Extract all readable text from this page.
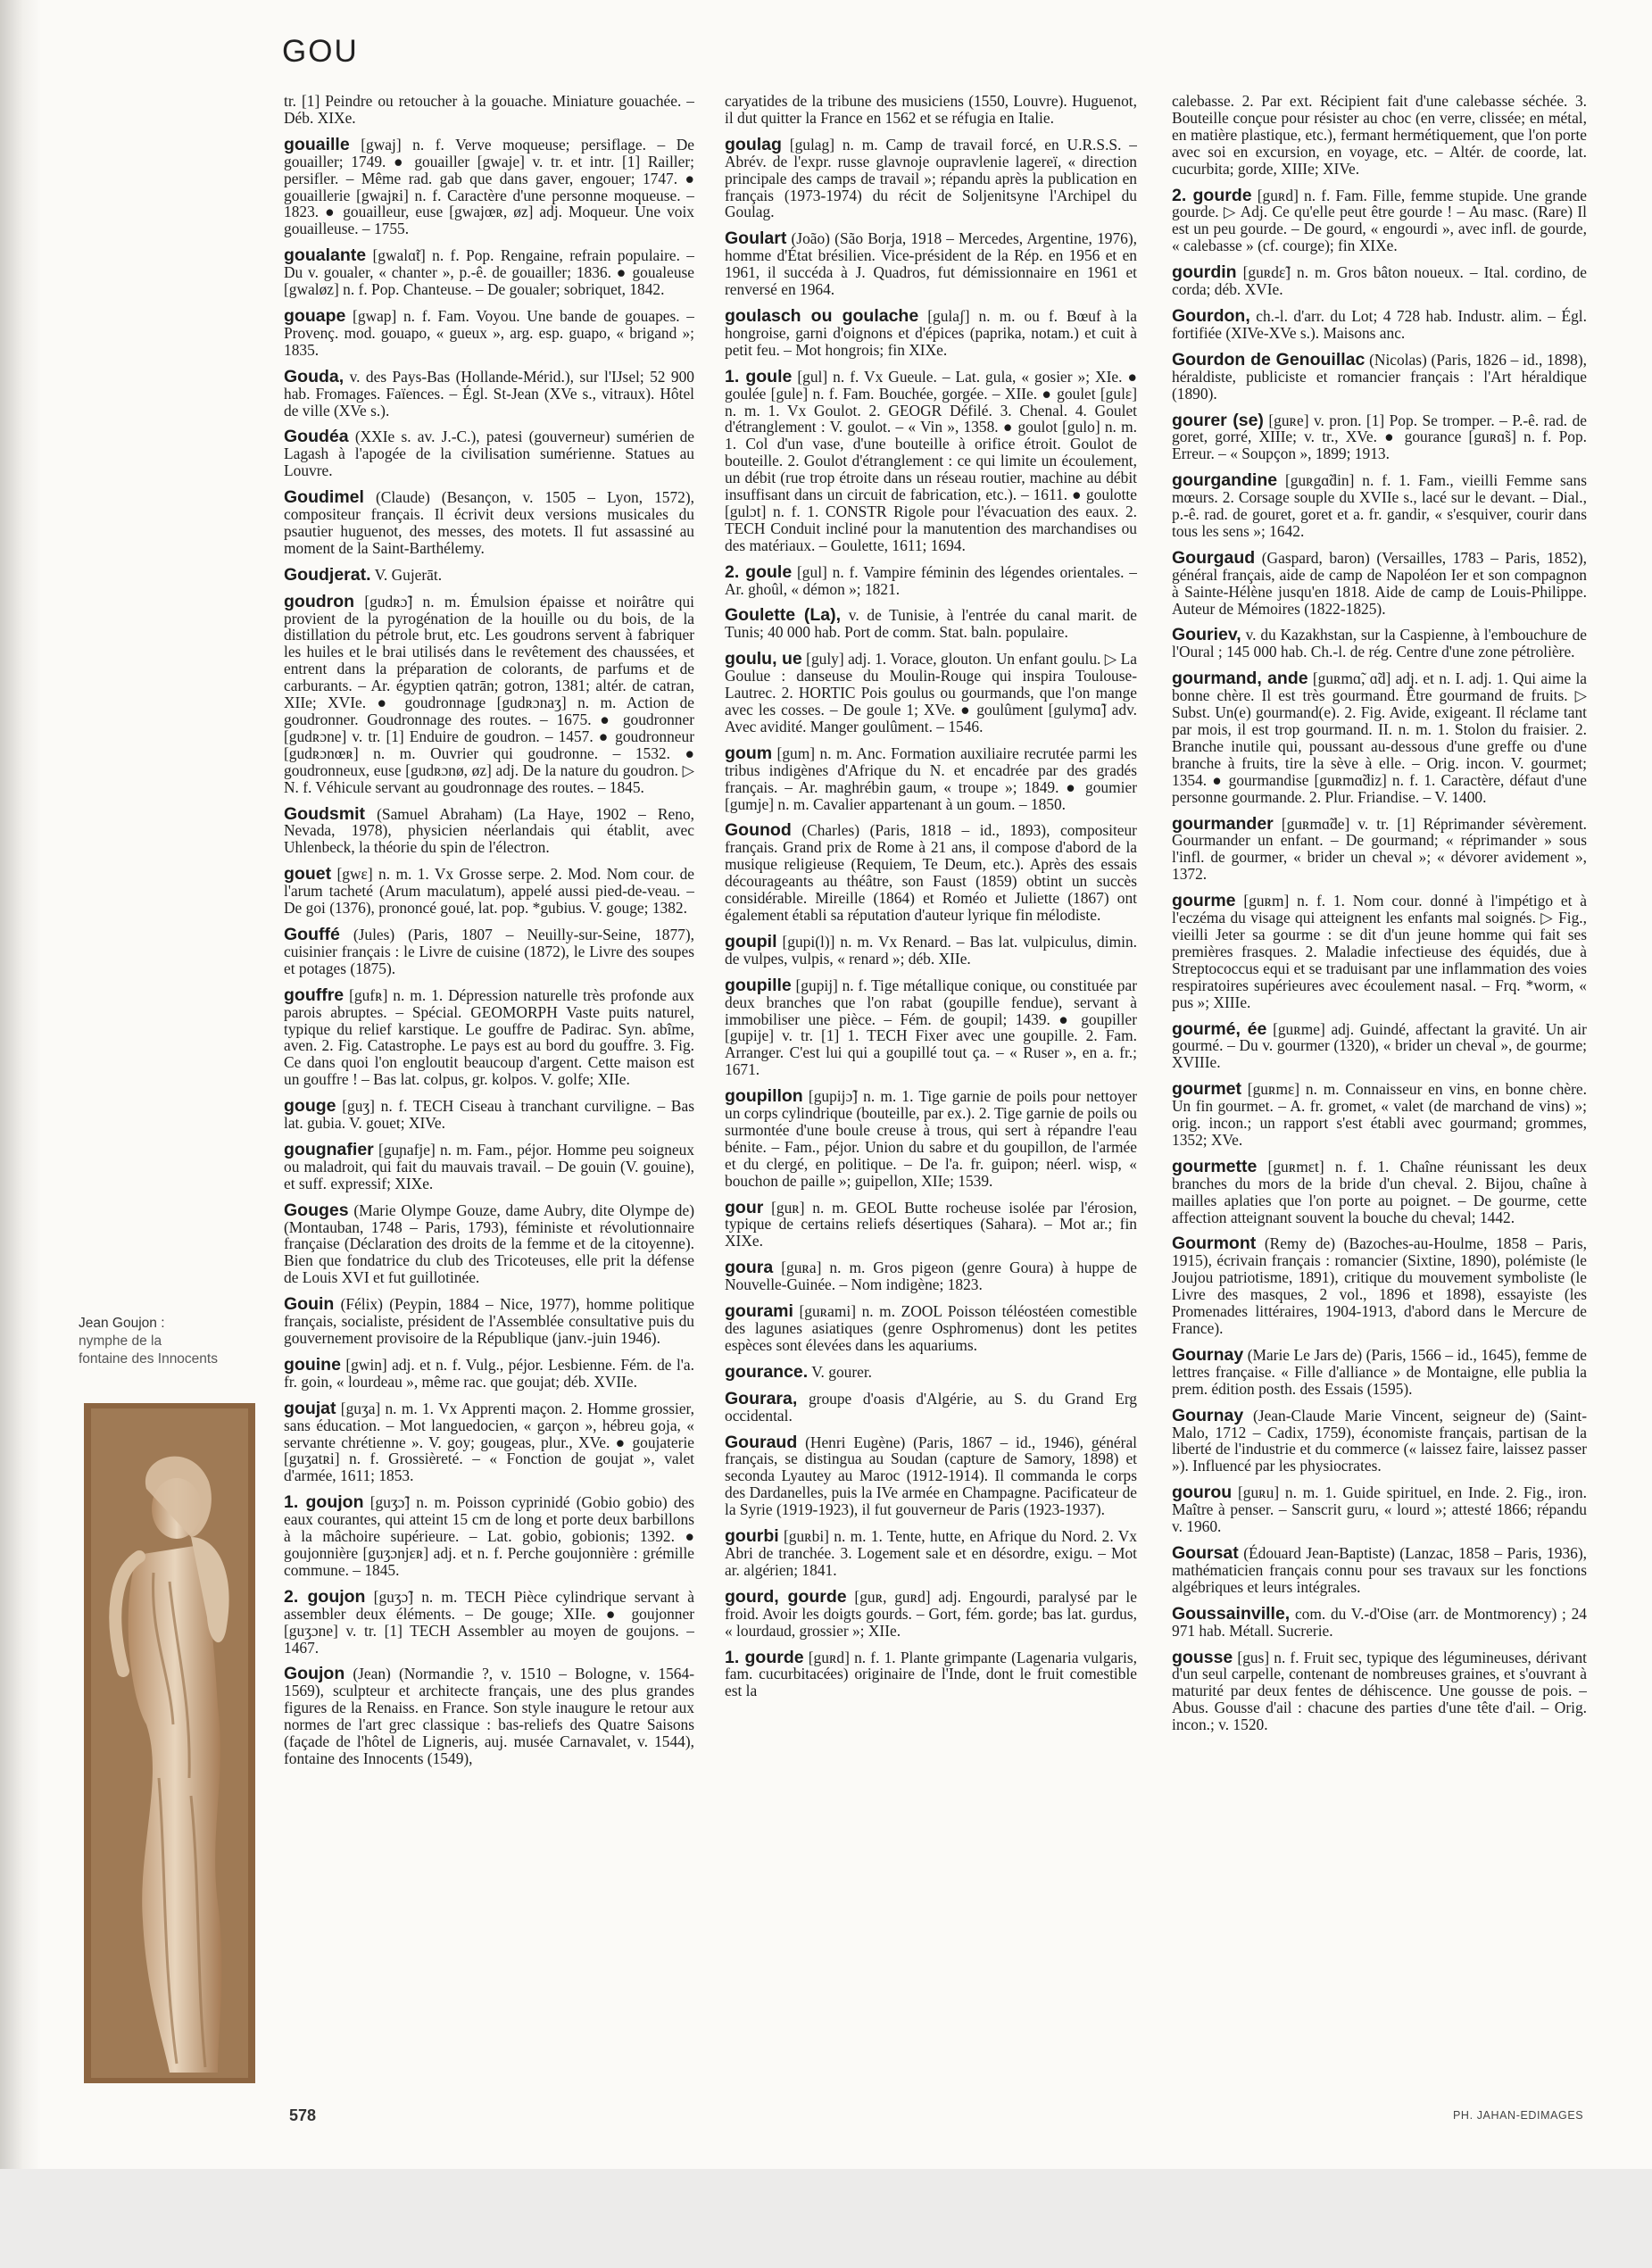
GOU
tr. [1] Peindre ou retoucher à la gouache. Miniature gouachée. – Déb. XIXe.
gouaille [gwaj] n. f. Verve moqueuse; persiflage. – De gouailler; 1749. ● gouailler [gwaje] v. tr. et intr. [1] Railler; persifler. – Même rad. gab que dans gaver, engouer; 1747. ● gouaillerie [gwajʀi] n. f. Caractère d'une personne moqueuse. – 1823. ● gouailleur, euse [gwajœʀ, øz] adj. Moqueur. Une voix gouailleuse. – 1755.
goualante [gwalɑ̃t] n. f. Pop. Rengaine, refrain populaire. – Du v. goualer, « chanter », p.-ê. de gouailler; 1836. ● goualeuse [gwaløz] n. f. Pop. Chanteuse. – De goualer; sobriquet, 1842.
gouape [gwap] n. f. Fam. Voyou. Une bande de gouapes. – Provenç. mod. gouapo, « gueux », arg. esp. guapo, « brigand »; 1835.
Gouda, v. des Pays-Bas (Hollande-Mérid.), sur l'IJsel; 52 900 hab. Fromages. Faïences. – Égl. St-Jean (XVe s., vitraux). Hôtel de ville (XVe s.).
Goudéa (XXIe s. av. J.-C.), patesi (gouverneur) sumérien de Lagash à l'apogée de la civilisation sumérienne. Statues au Louvre.
Goudimel (Claude) (Besançon, v. 1505 – Lyon, 1572), compositeur français. Il écrivit deux versions musicales du psautier huguenot, des messes, des motets. Il fut assassiné au moment de la Saint-Barthélemy.
Goudjerat. V. Gujerāt.
goudron [gudʀɔ̃] n. m. Émulsion épaisse et noirâtre qui provient de la pyrogénation de la houille ou du bois, de la distillation du pétrole brut, etc. Les goudrons servent à fabriquer les huiles et le brai utilisés dans le revêtement des chaussées, et entrent dans la préparation de colorants, de parfums et de carburants. – Ar. égyptien qatrān; gotron, 1381; altér. de catran, XIIe; XVIe. ● goudronnage [gudʀɔnaʒ] n. m. Action de goudronner. Goudronnage des routes. – 1675. ● goudronner [gudʀɔne] v. tr. [1] Enduire de goudron. – 1457. ● goudronneur [gudʀɔnœʀ] n. m. Ouvrier qui goudronne. – 1532. ● goudronneux, euse [gudʀɔnø, øz] adj. De la nature du goudron. ▷ N. f. Véhicule servant au goudronnage des routes. – 1845.
Goudsmit (Samuel Abraham) (La Haye, 1902 – Reno, Nevada, 1978), physicien néerlandais qui établit, avec Uhlenbeck, la théorie du spin de l'électron.
gouet [gwɛ] n. m. 1. Vx Grosse serpe. 2. Mod. Nom cour. de l'arum tacheté (Arum maculatum), appelé aussi pied-de-veau. – De goi (1376), prononcé goué, lat. pop. *gubius. V. gouge; 1382.
Gouffé (Jules) (Paris, 1807 – Neuilly-sur-Seine, 1877), cuisinier français : le Livre de cuisine (1872), le Livre des soupes et potages (1875).
gouffre [gufʀ] n. m. 1. Dépression naturelle très profonde aux parois abruptes. – Spécial. GEOMORPH Vaste puits naturel, typique du relief karstique. Le gouffre de Padirac. Syn. abîme, aven. 2. Fig. Catastrophe. Le pays est au bord du gouffre. 3. Fig. Ce dans quoi l'on engloutit beaucoup d'argent. Cette maison est un gouffre ! – Bas lat. colpus, gr. kolpos. V. golfe; XIIe.
gouge [guʒ] n. f. TECH Ciseau à tranchant curviligne. – Bas lat. gubia. V. gouet; XIVe.
gougnafier [guɲafje] n. m. Fam., péjor. Homme peu soigneux ou maladroit, qui fait du mauvais travail. – De gouin (V. gouine), et suff. expressif; XIXe.
Gouges (Marie Olympe Gouze, dame Aubry, dite Olympe de) (Montauban, 1748 – Paris, 1793), féministe et révolutionnaire française (Déclaration des droits de la femme et de la citoyenne). Bien que fondatrice du club des Tricoteuses, elle prit la défense de Louis XVI et fut guillotinée.
Gouin (Félix) (Peypin, 1884 – Nice, 1977), homme politique français, socialiste, président de l'Assemblée consultative puis du gouvernement provisoire de la République (janv.-juin 1946).
gouine [gwin] adj. et n. f. Vulg., péjor. Lesbienne. Fém. de l'a. fr. goin, « lourdeau », même rac. que goujat; déb. XVIIe.
goujat [guʒa] n. m. 1. Vx Apprenti maçon. 2. Homme grossier, sans éducation. – Mot languedocien, « garçon », hébreu goja, « servante chrétienne ». V. goy; gougeas, plur., XVe. ● goujaterie [guʒatʀi] n. f. Grossièreté. – « Fonction de goujat », valet d'armée, 1611; 1853.
1. goujon [guʒɔ̃] n. m. Poisson cyprinidé (Gobio gobio) des eaux courantes, qui atteint 15 cm de long et porte deux barbillons à la mâchoire supérieure. – Lat. gobio, gobionis; 1392. ● goujonnière [guʒɔnjɛʀ] adj. et n. f. Perche goujonnière : grémille commune. – 1845.
2. goujon [guʒɔ̃] n. m. TECH Pièce cylindrique servant à assembler deux éléments. – De gouge; XIIe. ● goujonner [guʒɔne] v. tr. [1] TECH Assembler au moyen de goujons. – 1467.
Goujon (Jean) (Normandie ?, v. 1510 – Bologne, v. 1564-1569), sculpteur et architecte français, une des plus grandes figures de la Renaiss. en France. Son style inaugure le retour aux normes de l'art grec classique : bas-reliefs des Quatre Saisons (façade de l'hôtel de Ligneris, auj. musée Carnavalet, v. 1544), fontaine des Innocents (1549),
caryatides de la tribune des musiciens (1550, Louvre). Huguenot, il dut quitter la France en 1562 et se réfugia en Italie.
goulag [gulag] n. m. Camp de travail forcé, en U.R.S.S. – Abrév. de l'expr. russe glavnoje oupravlenie lagereï, « direction principale des camps de travail »; répandu après la publication en français (1973-1974) du récit de Soljenitsyne l'Archipel du Goulag.
Goulart (João) (São Borja, 1918 – Mercedes, Argentine, 1976), homme d'État brésilien. Vice-président de la Rép. en 1956 et en 1961, il succéda à J. Quadros, fut démissionnaire en 1961 et renversé en 1964.
goulasch ou goulache [gulaʃ] n. m. ou f. Bœuf à la hongroise, garni d'oignons et d'épices (paprika, notam.) et cuit à petit feu. – Mot hongrois; fin XIXe.
1. goule [gul] n. f. Vx Gueule. – Lat. gula, « gosier »; XIe. ● goulée [gule] n. f. Fam. Bouchée, gorgée. – XIIe. ● goulet [gulɛ] n. m. 1. Vx Goulot. 2. GEOGR Défilé. 3. Chenal. 4. Goulet d'étranglement : V. goulot. – « Vin », 1358. ● goulot [gulo] n. m. 1. Col d'un vase, d'une bouteille à orifice étroit. Goulot de bouteille. 2. Goulot d'étranglement : ce qui limite un écoulement, un débit (rue trop étroite dans un réseau routier, machine au débit insuffisant dans un circuit de fabrication, etc.). – 1611. ● goulotte [gulɔt] n. f. 1. CONSTR Rigole pour l'évacuation des eaux. 2. TECH Conduit incliné pour la manutention des marchandises ou des matériaux. – Goulette, 1611; 1694.
2. goule [gul] n. f. Vampire féminin des légendes orientales. – Ar. ghoûl, « démon »; 1821.
Goulette (La), v. de Tunisie, à l'entrée du canal marit. de Tunis; 40 000 hab. Port de comm. Stat. baln. populaire.
goulu, ue [guly] adj. 1. Vorace, glouton. Un enfant goulu. ▷ La Goulue : danseuse du Moulin-Rouge qui inspira Toulouse-Lautrec. 2. HORTIC Pois goulus ou gourmands, que l'on mange avec les cosses. – De goule 1; XVe. ● goulûment [gulymɑ̃] adv. Avec avidité. Manger goulûment. – 1546.
goum [gum] n. m. Anc. Formation auxiliaire recrutée parmi les tribus indigènes d'Afrique du N. et encadrée par des gradés français. – Ar. maghrébin gaum, « troupe »; 1849. ● goumier [gumje] n. m. Cavalier appartenant à un goum. – 1850.
Gounod (Charles) (Paris, 1818 – id., 1893), compositeur français. Grand prix de Rome à 21 ans, il compose d'abord de la musique religieuse (Requiem, Te Deum, etc.). Après des essais décourageants au théâtre, son Faust (1859) obtint un succès considérable. Mireille (1864) et Roméo et Juliette (1867) ont également établi sa réputation d'auteur lyrique fin mélodiste.
goupil [gupi(l)] n. m. Vx Renard. – Bas lat. vulpiculus, dimin. de vulpes, vulpis, « renard »; déb. XIIe.
goupille [gupij] n. f. Tige métallique conique, ou constituée par deux branches que l'on rabat (goupille fendue), servant à immobiliser une pièce. – Fém. de goupil; 1439. ● goupiller [gupije] v. tr. [1] 1. TECH Fixer avec une goupille. 2. Fam. Arranger. C'est lui qui a goupillé tout ça. – « Ruser », en a. fr.; 1671.
goupillon [gupijɔ̃] n. m. 1. Tige garnie de poils pour nettoyer un corps cylindrique (bouteille, par ex.). 2. Tige garnie de poils ou surmontée d'une boule creuse à trous, qui sert à répandre l'eau bénite. – Fam., péjor. Union du sabre et du goupillon, de l'armée et du clergé, en politique. – De l'a. fr. guipon; néerl. wisp, « bouchon de paille »; guipellon, XIIe; 1539.
gour [guʀ] n. m. GEOL Butte rocheuse isolée par l'érosion, typique de certains reliefs désertiques (Sahara). – Mot ar.; fin XIXe.
goura [guʀa] n. m. Gros pigeon (genre Goura) à huppe de Nouvelle-Guinée. – Nom indigène; 1823.
gourami [guʀami] n. m. ZOOL Poisson téléostéen comestible des lagunes asiatiques (genre Osphromenus) dont les petites espèces sont élevées dans les aquariums.
gourance. V. gourer.
Gourara, groupe d'oasis d'Algérie, au S. du Grand Erg occidental.
Gouraud (Henri Eugène) (Paris, 1867 – id., 1946), général français, se distingua au Soudan (capture de Samory, 1898) et seconda Lyautey au Maroc (1912-1914). Il commanda le corps des Dardanelles, puis la IVe armée en Champagne. Pacificateur de la Syrie (1919-1923), il fut gouverneur de Paris (1923-1937).
gourbi [guʀbi] n. m. 1. Tente, hutte, en Afrique du Nord. 2. Vx Abri de tranchée. 3. Logement sale et en désordre, exigu. – Mot ar. algérien; 1841.
gourd, gourde [guʀ, guʀd] adj. Engourdi, paralysé par le froid. Avoir les doigts gourds. – Gort, fém. gorde; bas lat. gurdus, « lourdaud, grossier »; XIIe.
1. gourde [guʀd] n. f. 1. Plante grimpante (Lagenaria vulgaris, fam. cucurbitacées) originaire de l'Inde, dont le fruit comestible est la
calebasse. 2. Par ext. Récipient fait d'une calebasse séchée. 3. Bouteille conçue pour résister au choc (en verre, clissée; en métal, en matière plastique, etc.), fermant hermétiquement, que l'on porte avec soi en excursion, en voyage, etc. – Altér. de coorde, lat. cucurbita; gorde, XIIIe; XIVe.
2. gourde [guʀd] n. f. Fam. Fille, femme stupide. Une grande gourde. ▷ Adj. Ce qu'elle peut être gourde ! – Au masc. (Rare) Il est un peu gourde. – De gourd, « engourdi », avec infl. de gourde, « calebasse » (cf. courge); fin XIXe.
gourdin [guʀdɛ̃] n. m. Gros bâton noueux. – Ital. cordino, de corda; déb. XVIe.
Gourdon, ch.-l. d'arr. du Lot; 4 728 hab. Industr. alim. – Égl. fortifiée (XIVe-XVe s.). Maisons anc.
Gourdon de Genouillac (Nicolas) (Paris, 1826 – id., 1898), héraldiste, publiciste et romancier français : l'Art héraldique (1890).
gourer (se) [guʀe] v. pron. [1] Pop. Se tromper. – P.-ê. rad. de goret, gorré, XIIIe; v. tr., XVe. ● gourance [guʀɑ̃s] n. f. Pop. Erreur. – « Soupçon », 1899; 1913.
gourgandine [guʀgɑ̃din] n. f. 1. Fam., vieilli Femme sans mœurs. 2. Corsage souple du XVIIe s., lacé sur le devant. – Dial., p.-ê. rad. de gouret, goret et a. fr. gandir, « s'esquiver, courir dans tous les sens »; 1642.
Gourgaud (Gaspard, baron) (Versailles, 1783 – Paris, 1852), général français, aide de camp de Napoléon Ier et son compagnon à Sainte-Hélène jusqu'en 1818. Aide de camp de Louis-Philippe. Auteur de Mémoires (1822-1825).
Gouriev, v. du Kazakhstan, sur la Caspienne, à l'embouchure de l'Oural ; 145 000 hab. Ch.-l. de rég. Centre d'une zone pétrolière.
gourmand, ande [guʀmɑ̃, ɑ̃d] adj. et n. I. adj. 1. Qui aime la bonne chère. Il est très gourmand. Être gourmand de fruits. ▷ Subst. Un(e) gourmand(e). 2. Fig. Avide, exigeant. Il réclame tant par mois, il est trop gourmand. II. n. m. 1. Stolon du fraisier. 2. Branche inutile qui, poussant au-dessous d'une greffe ou d'une branche à fruits, tire la sève à elle. – Orig. incon. V. gourmet; 1354. ● gourmandise [guʀmɑ̃diz] n. f. 1. Caractère, défaut d'une personne gourmande. 2. Plur. Friandise. – V. 1400.
gourmander [guʀmɑ̃de] v. tr. [1] Réprimander sévèrement. Gourmander un enfant. – De gourmand; « réprimander » sous l'infl. de gourmer, « brider un cheval »; « dévorer avidement », 1372.
gourme [guʀm] n. f. 1. Nom cour. donné à l'impétigo et à l'eczéma du visage qui atteignent les enfants mal soignés. ▷ Fig., vieilli Jeter sa gourme : se dit d'un jeune homme qui fait ses premières frasques. 2. Maladie infectieuse des équidés, due à Streptococcus equi et se traduisant par une inflammation des voies respiratoires supérieures avec écoulement nasal. – Frq. *worm, « pus »; XIIIe.
gourmé, ée [guʀme] adj. Guindé, affectant la gravité. Un air gourmé. – Du v. gourmer (1320), « brider un cheval », de gourme; XVIIIe.
gourmet [guʀmɛ] n. m. Connaisseur en vins, en bonne chère. Un fin gourmet. – A. fr. gromet, « valet (de marchand de vins) »; orig. incon.; un rapport s'est établi avec gourmand; grommes, 1352; XVe.
gourmette [guʀmɛt] n. f. 1. Chaîne réunissant les deux branches du mors de la bride d'un cheval. 2. Bijou, chaîne à mailles aplaties que l'on porte au poignet. – De gourme, cette affection atteignant souvent la bouche du cheval; 1442.
Gourmont (Remy de) (Bazoches-au-Houlme, 1858 – Paris, 1915), écrivain français : romancier (Sixtine, 1890), polémiste (le Joujou patriotisme, 1891), critique du mouvement symboliste (le Livre des masques, 2 vol., 1896 et 1898), essayiste (les Promenades littéraires, 1904-1913, d'abord dans le Mercure de France).
Gournay (Marie Le Jars de) (Paris, 1566 – id., 1645), femme de lettres française. « Fille d'alliance » de Montaigne, elle publia la prem. édition posth. des Essais (1595).
Gournay (Jean-Claude Marie Vincent, seigneur de) (Saint-Malo, 1712 – Cadix, 1759), économiste français, partisan de la liberté de l'industrie et du commerce (« laissez faire, laissez passer »). Influencé par les physiocrates.
gourou [guʀu] n. m. 1. Guide spirituel, en Inde. 2. Fig., iron. Maître à penser. – Sanscrit guru, « lourd »; attesté 1866; répandu v. 1960.
Goursat (Édouard Jean-Baptiste) (Lanzac, 1858 – Paris, 1936), mathématicien français connu pour ses travaux sur les fonctions algébriques et leurs intégrales.
Goussainville, com. du V.-d'Oise (arr. de Montmorency) ; 24 971 hab. Métall. Sucrerie.
gousse [gus] n. f. Fruit sec, typique des légumineuses, dérivant d'un seul carpelle, contenant de nombreuses graines, et s'ouvrant à maturité par deux fentes de déhiscence. Une gousse de pois. – Abus. Gousse d'ail : chacune des parties d'une tête d'ail. – Orig. incon.; v. 1520.
Jean Goujon :
nymphe de la
fontaine des Innocents
578	PH. JAHAN-EDIMAGES
